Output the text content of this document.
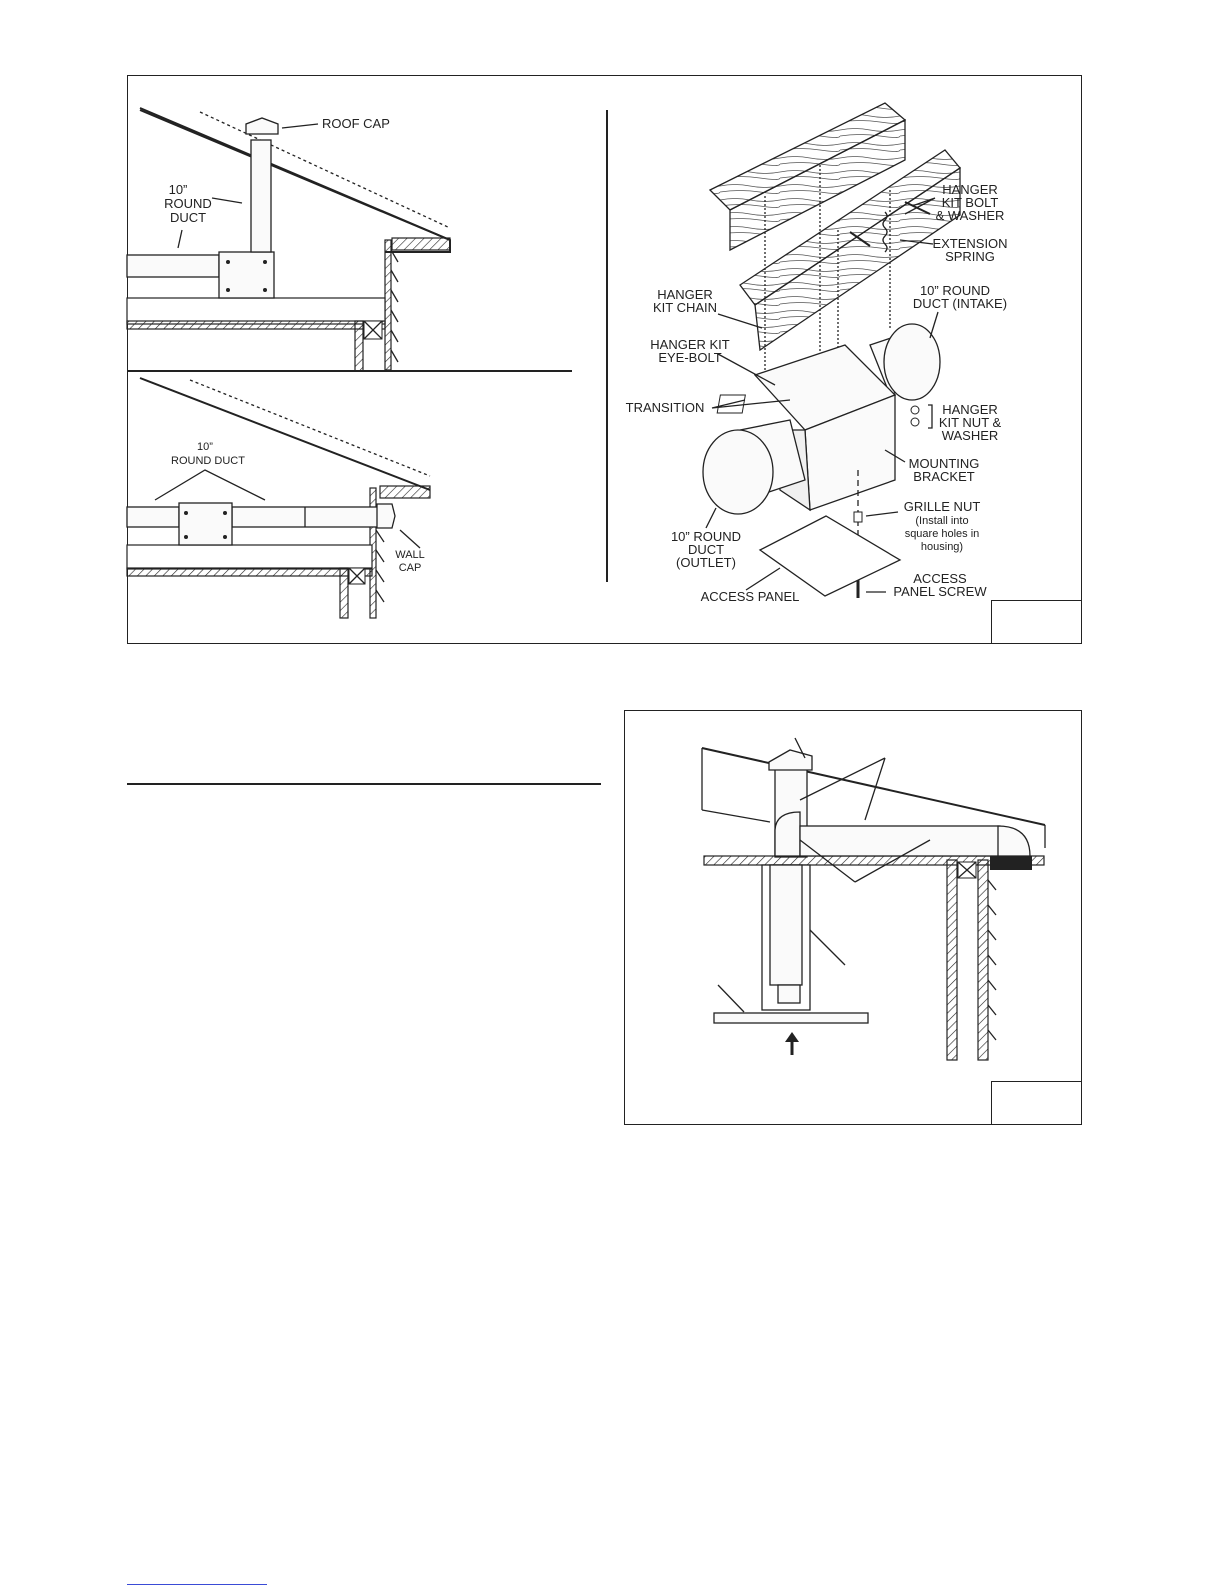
ROOF CAP
10”
ROUND
DUCT
10”
ROUND DUCT
WALL
CAP
HANGER
KIT BOLT
& WASHER
EXTENSION
SPRING
10” ROUND
DUCT (INTAKE)
HANGER
KIT CHAIN
HANGER KIT
EYE-BOLT
TRANSITION	HANGER
KIT NUT &
WASHER
MOUNTING
BRACKET
GRILLE NUT
(Install into
square holes in
housing)
10” ROUND
DUCT
(OUTLET)
ACCESS PANEL
ACCESS
PANEL SCREW
